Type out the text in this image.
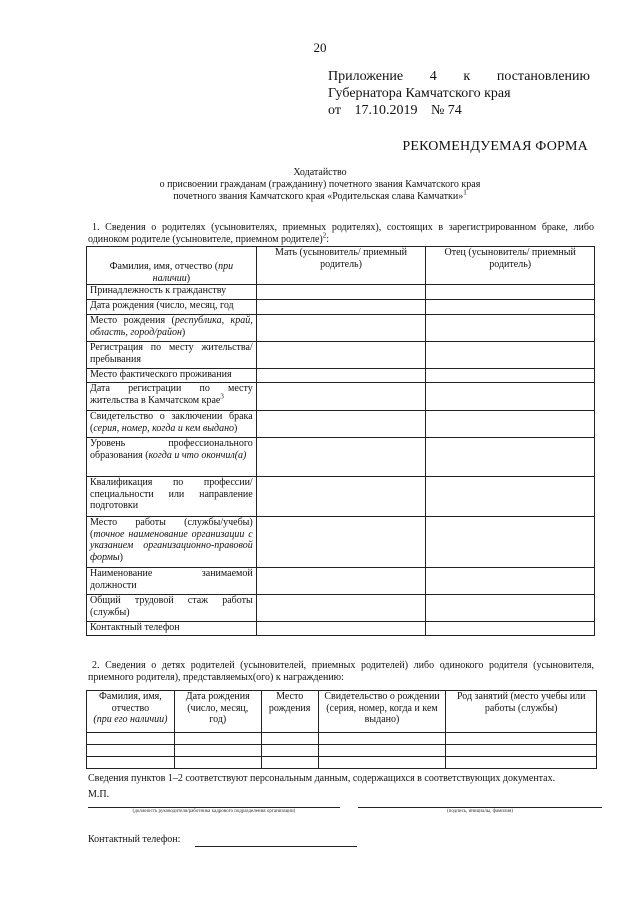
20
Приложение 4 к постановлению
Губернатора Камчатского края
от 17.10.2019 № 74
РЕКОМЕНДУЕМАЯ ФОРМА
Ходатайство
о присвоении гражданам (гражданину) почетного звания Камчатского края
почетного звания Камчатского края «Родительская слава Камчатки»$^1$
1. Сведения о родителях (усыновителях, приемных родителях), состоящих в зарегистрированном браке, либо одиноком родителе (усыновителе, приемном родителе)$^2$:
Фамилия, имя, отчество (при наличии)	Мать (усыновитель/ приемный родитель)	Отец (усыновитель/ приемный родитель)
Принадлежность к гражданству		
Дата рождения (число, месяц, год		
Место рождения (республика, край, область, город/район)		
Регистрация по месту жительства/пребывания		
Место фактического проживания		
Дата регистрации по месту жительства в Камчатском крае$^3$		
Свидетельство о заключении брака (серия, номер, когда и кем выдано)		
Уровень профессионального образования (когда и что окончил(а)		
Квалификация по профессии/специальности или направление подготовки		
Место работы (службы/учебы) (точное наименование организации с указанием организационно-правовой формы)		
Наименование занимаемой должности		
Общий трудовой стаж работы (службы)		
Контактный телефон		
2. Сведения о детях родителей (усыновителей, приемных родителей) либо одинокого родителя (усыновителя, приемного родителя), представляемых(ого) к награждению:
Фамилия, имя, отчество
(при его наличии)	Дата рождения (число, месяц, год)	Место рождения	Свидетельство о рождении (серия, номер, когда и кем выдано)	Род занятий (место учебы или работы (службы)

Сведения пунктов 1–2 соответствуют персональным данным, содержащихся в соответствующих документах.
М.П.
(должность руководителя/работника кадрового подразделения организации)	(подпись, инициалы, фамилия)
Контактный телефон:
